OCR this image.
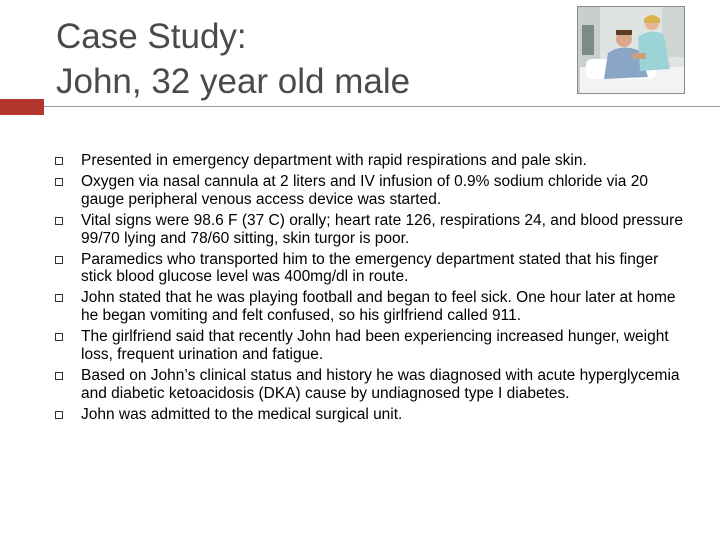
Case Study:
John, 32 year old male
Presented in emergency department with rapid respirations and pale skin.
Oxygen via nasal cannula at 2 liters and IV infusion of 0.9% sodium chloride via 20 gauge peripheral venous access device was started.
Vital signs were 98.6 F (37 C) orally; heart rate 126, respirations 24, and blood pressure 99/70 lying and 78/60 sitting, skin turgor is poor.
Paramedics who transported him to the emergency department stated that his finger stick blood glucose level was 400mg/dl in route.
John stated that he was playing football and began to feel sick. One hour later at home he began vomiting and felt confused, so his girlfriend called 911.
The girlfriend said that recently John had been experiencing increased hunger, weight loss, frequent urination and fatigue.
Based on John’s clinical status and history he was diagnosed with acute hyperglycemia and diabetic ketoacidosis (DKA) cause by undiagnosed type I diabetes.
John was admitted to the medical surgical unit.
